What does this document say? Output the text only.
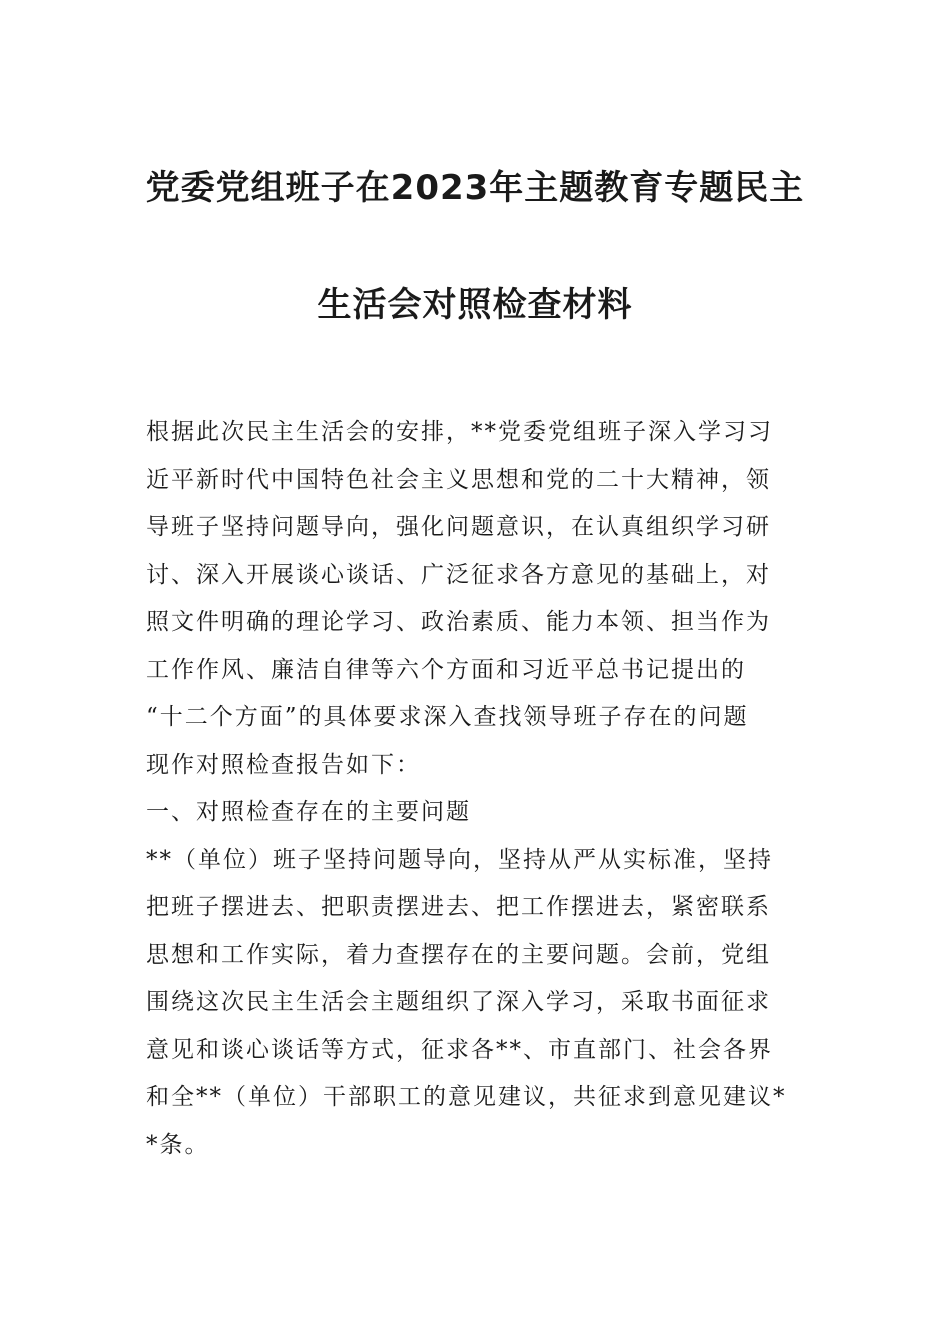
党委党组班子在2023年主题教育专题民主
生活会对照检查材料
根据此次民主生活会的安排，**党委党组班子深入学习习
近平新时代中国特色社会主义思想和党的二十大精神，领
导班子坚持问题导向，强化问题意识，在认真组织学习研
讨、深入开展谈心谈话、广泛征求各方意见的基础上，对
照文件明确的理论学习、政治素质、能力本领、担当作为
工作作风、廉洁自律等六个方面和习近平总书记提出的
“十二个方面”的具体要求深入查找领导班子存在的问题
现作对照检查报告如下：
一、对照检查存在的主要问题
**（单位）班子坚持问题导向，坚持从严从实标准，坚持
把班子摆进去、把职责摆进去、把工作摆进去，紧密联系
思想和工作实际，着力查摆存在的主要问题。会前，党组
围绕这次民主生活会主题组织了深入学习，采取书面征求
意见和谈心谈话等方式，征求各**、市直部门、社会各界
和全**（单位）干部职工的意见建议，共征求到意见建议*
*条。
